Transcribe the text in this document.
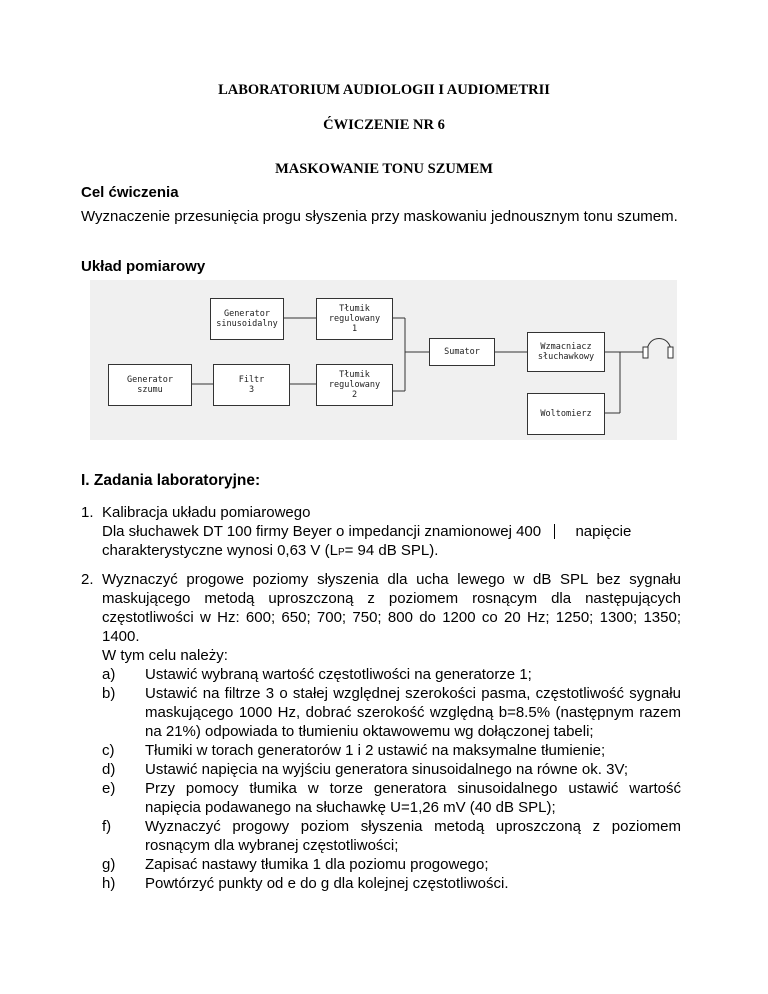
LABORATORIUM AUDIOLOGII I AUDIOMETRII
ĆWICZENIE NR 6
MASKOWANIE TONU SZUMEM
Cel ćwiczenia
Wyznaczenie przesunięcia progu słyszenia przy maskowaniu jednousznym tonu szumem.
Układ pomiarowy
Generator
sinusoidalny
Tłumik
regulowany
1
Sumator	Wzmacniacz
słuchawkowy
Generator
szumu
Filtr
3
Tłumik
regulowany
2
Woltomierz
I. Zadania laboratoryjne:
1. Kalibracja układu pomiarowego
Dla słuchawek DT 100 firmy Beyer o impedancji znamionowej 400 napięcie
charakterystyczne wynosi 0,63 V (LP= 94 dB SPL).
2. Wyznaczyć progowe poziomy słyszenia dla ucha lewego w dB SPL bez sygnału maskującego metodą uproszczoną z poziomem rosnącym dla następujących częstotliwości w Hz: 600; 650; 700; 750; 800 do 1200 co 20 Hz; 1250; 1300; 1350; 1400.
W tym celu należy:
a) Ustawić wybraną wartość częstotliwości na generatorze 1;
b) Ustawić na filtrze 3 o stałej względnej szerokości pasma, częstotliwość sygnału maskującego 1000 Hz, dobrać szerokość względną b=8.5% (następnym razem na 21%) odpowiada to tłumieniu oktawowemu wg dołączonej tabeli;
c) Tłumiki w torach generatorów 1 i 2 ustawić na maksymalne tłumienie;
d) Ustawić napięcia na wyjściu generatora sinusoidalnego na równe ok. 3V;
e) Przy pomocy tłumika w torze generatora sinusoidalnego ustawić wartość napięcia podawanego na słuchawkę U=1,26 mV (40 dB SPL);
f) Wyznaczyć progowy poziom słyszenia metodą uproszczoną z poziomem rosnącym dla wybranej częstotliwości;
g) Zapisać nastawy tłumika 1 dla poziomu progowego;
h) Powtórzyć punkty od e do g dla kolejnej częstotliwości.
